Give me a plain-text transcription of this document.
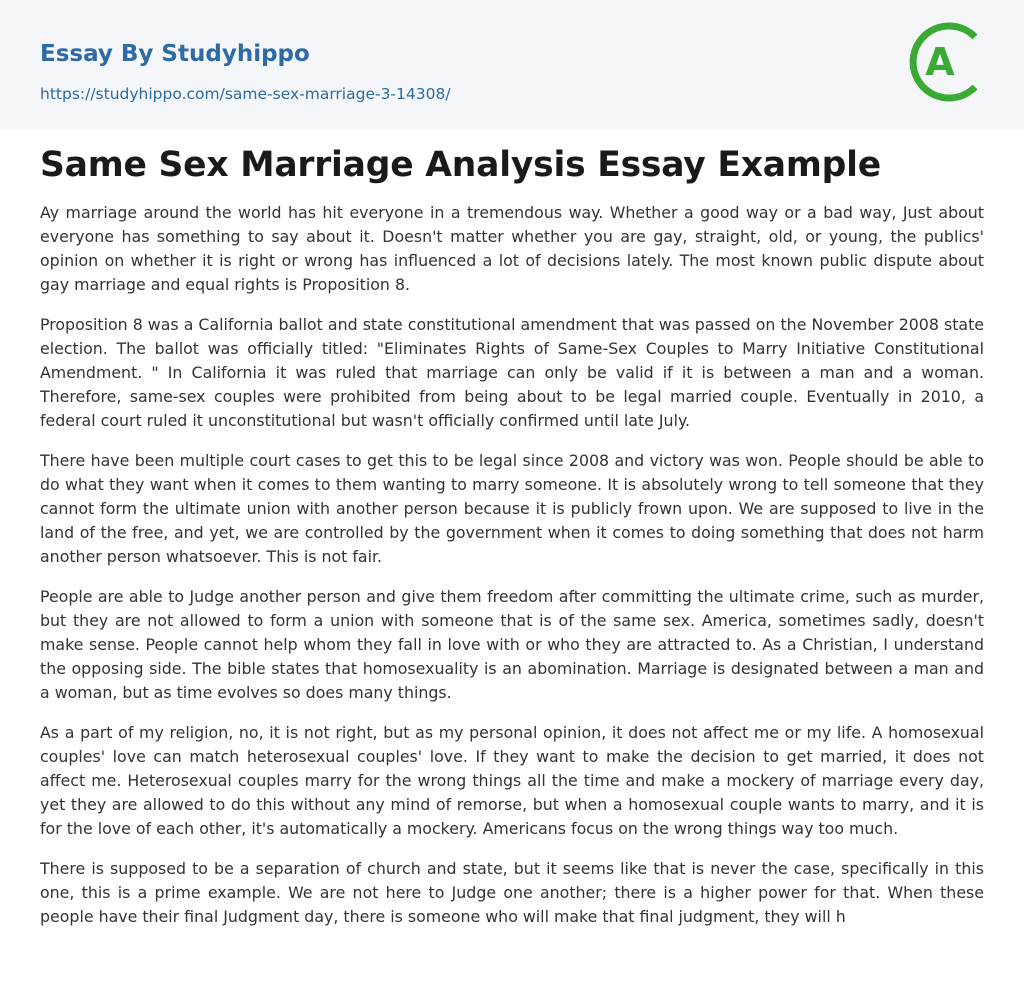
Essay By Studyhippo
https://studyhippo.com/same-sex-marriage-3-14308/
A
Same Sex Marriage Analysis Essay Example

Ay marriage around the world has hit everyone in a tremendous way. Whether a good way or a bad way, Just about everyone has something to say about it. Doesn't matter whether you are gay, straight, old, or young, the publics' opinion on whether it is right or wrong has influenced a lot of decisions lately. The most known public dispute about gay marriage and equal rights is Proposition 8.

Proposition 8 was a California ballot and state constitutional amendment that was passed on the November 2008 state election. The ballot was officially titled: "Eliminates Rights of Same-Sex Couples to Marry Initiative Constitutional Amendment. " In California it was ruled that marriage can only be valid if it is between a man and a woman. Therefore, same-sex couples were prohibited from being about to be legal married couple. Eventually in 2010, a federal court ruled it unconstitutional but wasn't officially confirmed until late July.

There have been multiple court cases to get this to be legal since 2008 and victory was won. People should be able to do what they want when it comes to them wanting to marry someone. It is absolutely wrong to tell someone that they cannot form the ultimate union with another person because it is publicly frown upon. We are supposed to live in the land of the free, and yet, we are controlled by the government when it comes to doing something that does not harm another person whatsoever. This is not fair.

People are able to Judge another person and give them freedom after committing the ultimate crime, such as murder, but they are not allowed to form a union with someone that is of the same sex. America, sometimes sadly, doesn't make sense. People cannot help whom they fall in love with or who they are attracted to. As a Christian, I understand the opposing side. The bible states that homosexuality is an abomination. Marriage is designated between a man and a woman, but as time evolves so does many things.

As a part of my religion, no, it is not right, but as my personal opinion, it does not affect me or my life. A homosexual couples' love can match heterosexual couples' love. If they want to make the decision to get married, it does not affect me. Heterosexual couples marry for the wrong things all the time and make a mockery of marriage every day, yet they are allowed to do this without any mind of remorse, but when a homosexual couple wants to marry, and it is for the love of each other, it's automatically a mockery. Americans focus on the wrong things way too much.

There is supposed to be a separation of church and state, but it seems like that is never the case, specifically in this one, this is a prime example. We are not here to Judge one another; there is a higher power for that. When these people have their final Judgment day, there is someone who will make that final judgment, they will h
